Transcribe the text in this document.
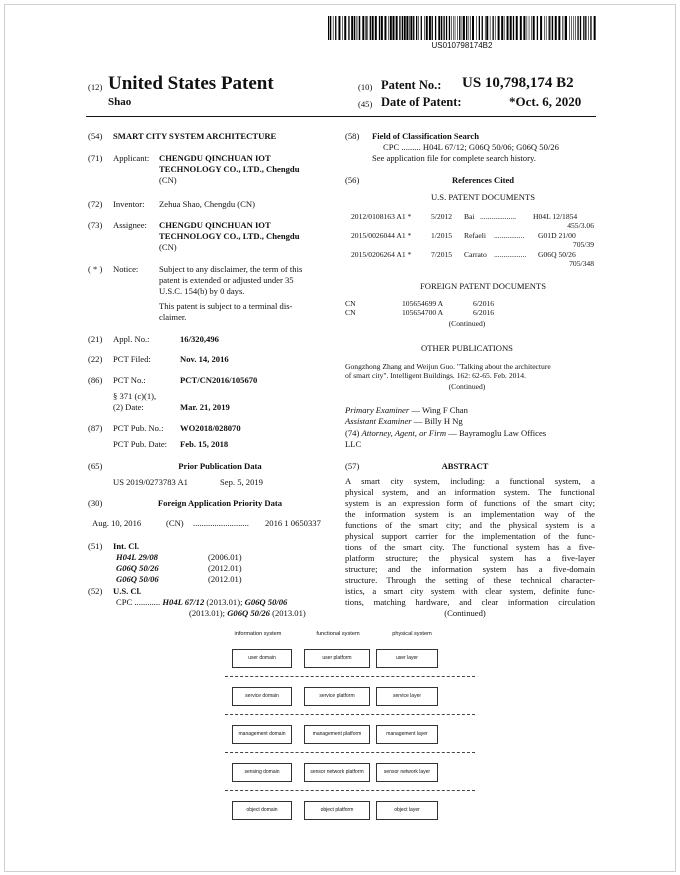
US010798174B2
(12) United States Patent
Shao
(10) Patent No.: US 10,798,174 B2
(45) Date of Patent:	*Oct. 6, 2020
(54) SMART CITY SYSTEM ARCHITECTURE
(71) Applicant: CHENGDU QINCHUAN IOT
TECHNOLOGY CO., LTD., Chengdu
(CN)
(72) Inventor: Zehua Shao, Chengdu (CN)
(73) Assignee: CHENGDU QINCHUAN IOT
TECHNOLOGY CO., LTD., Chengdu
(CN)
( * ) Notice: Subject to any disclaimer, the term of this
patent is extended or adjusted under 35
U.S.C. 154(b) by 0 days.
This patent is subject to a terminal dis-
claimer.
(21) Appl. No.:	16/320,496
(22) PCT Filed:	Nov. 14, 2016
(86) PCT No.:	PCT/CN2016/105670
§ 371 (c)(1),
(2) Date:	Mar. 21, 2019
(87) PCT Pub. No.: WO2018/028070
PCT Pub. Date: Feb. 15, 2018
(65)	Prior Publication Data
US 2019/0273783 A1	Sep. 5, 2019
(30)	Foreign Application Priority Data
Aug. 10, 2016	(CN) .......................... 2016 1 0650337
(51) Int. Cl.
H04L 29/08	(2006.01)
G06Q 50/26	(2012.01)
G06Q 50/06	(2012.01)
(52) U.S. Cl.
CPC ............ H04L 67/12 (2013.01); G06Q 50/06
(2013.01); G06Q 50/26 (2013.01)
(58) Field of Classification Search
CPC ......... H04L 67/12; G06Q 50/06; G06Q 50/26
See application file for complete search history.
(56)	References Cited
U.S. PATENT DOCUMENTS
2012/0108163 A1 *	5/2012 Bai ................... H04L 12/1854
455/3.06
2015/0026044 A1 *	1/2015 Refaeli ................ G01D 21/00
705/39
2015/0206264 A1 *	7/2015 Carrato ................. G06Q 50/26
705/348
FOREIGN PATENT DOCUMENTS
CN	105654699 A	6/2016
CN	105654700 A	6/2016
(Continued)
OTHER PUBLICATIONS
Gongzhong Zhang and Weijun Guo. "Talking about the architecture
of smart city". Intelligent Buildings. 162: 62-65. Feb. 2014.
(Continued)
Primary Examiner — Wing F Chan
Assistant Examiner — Billy H Ng
(74) Attorney, Agent, or Firm — Bayramoglu Law Offices
LLC
(57)	ABSTRACT
A smart city system, including: a functional system, a
physical system, and an information system. The functional
system is an expression form of functions of the smart city;
the information system is an implementation way of the
functions of the smart city; and the physical system is a
physical support carrier for the implementation of the func-
tions of the smart city. The functional system has a five-
platform structure; the physical system has a five-layer
structure; and the information system has a five-domain
structure. Through the setting of these technical character-
istics, a smart city system with clear system, definite func-
tions, matching hardware, and clear information circulation
(Continued)
information system	functional system	physical system
user domain	user platform	user layer
service domain	service platform	service layer
management domain	management platform	management layer
sensing domain	sensor network platform	sensor network layer
object domain	object platform	object layer
